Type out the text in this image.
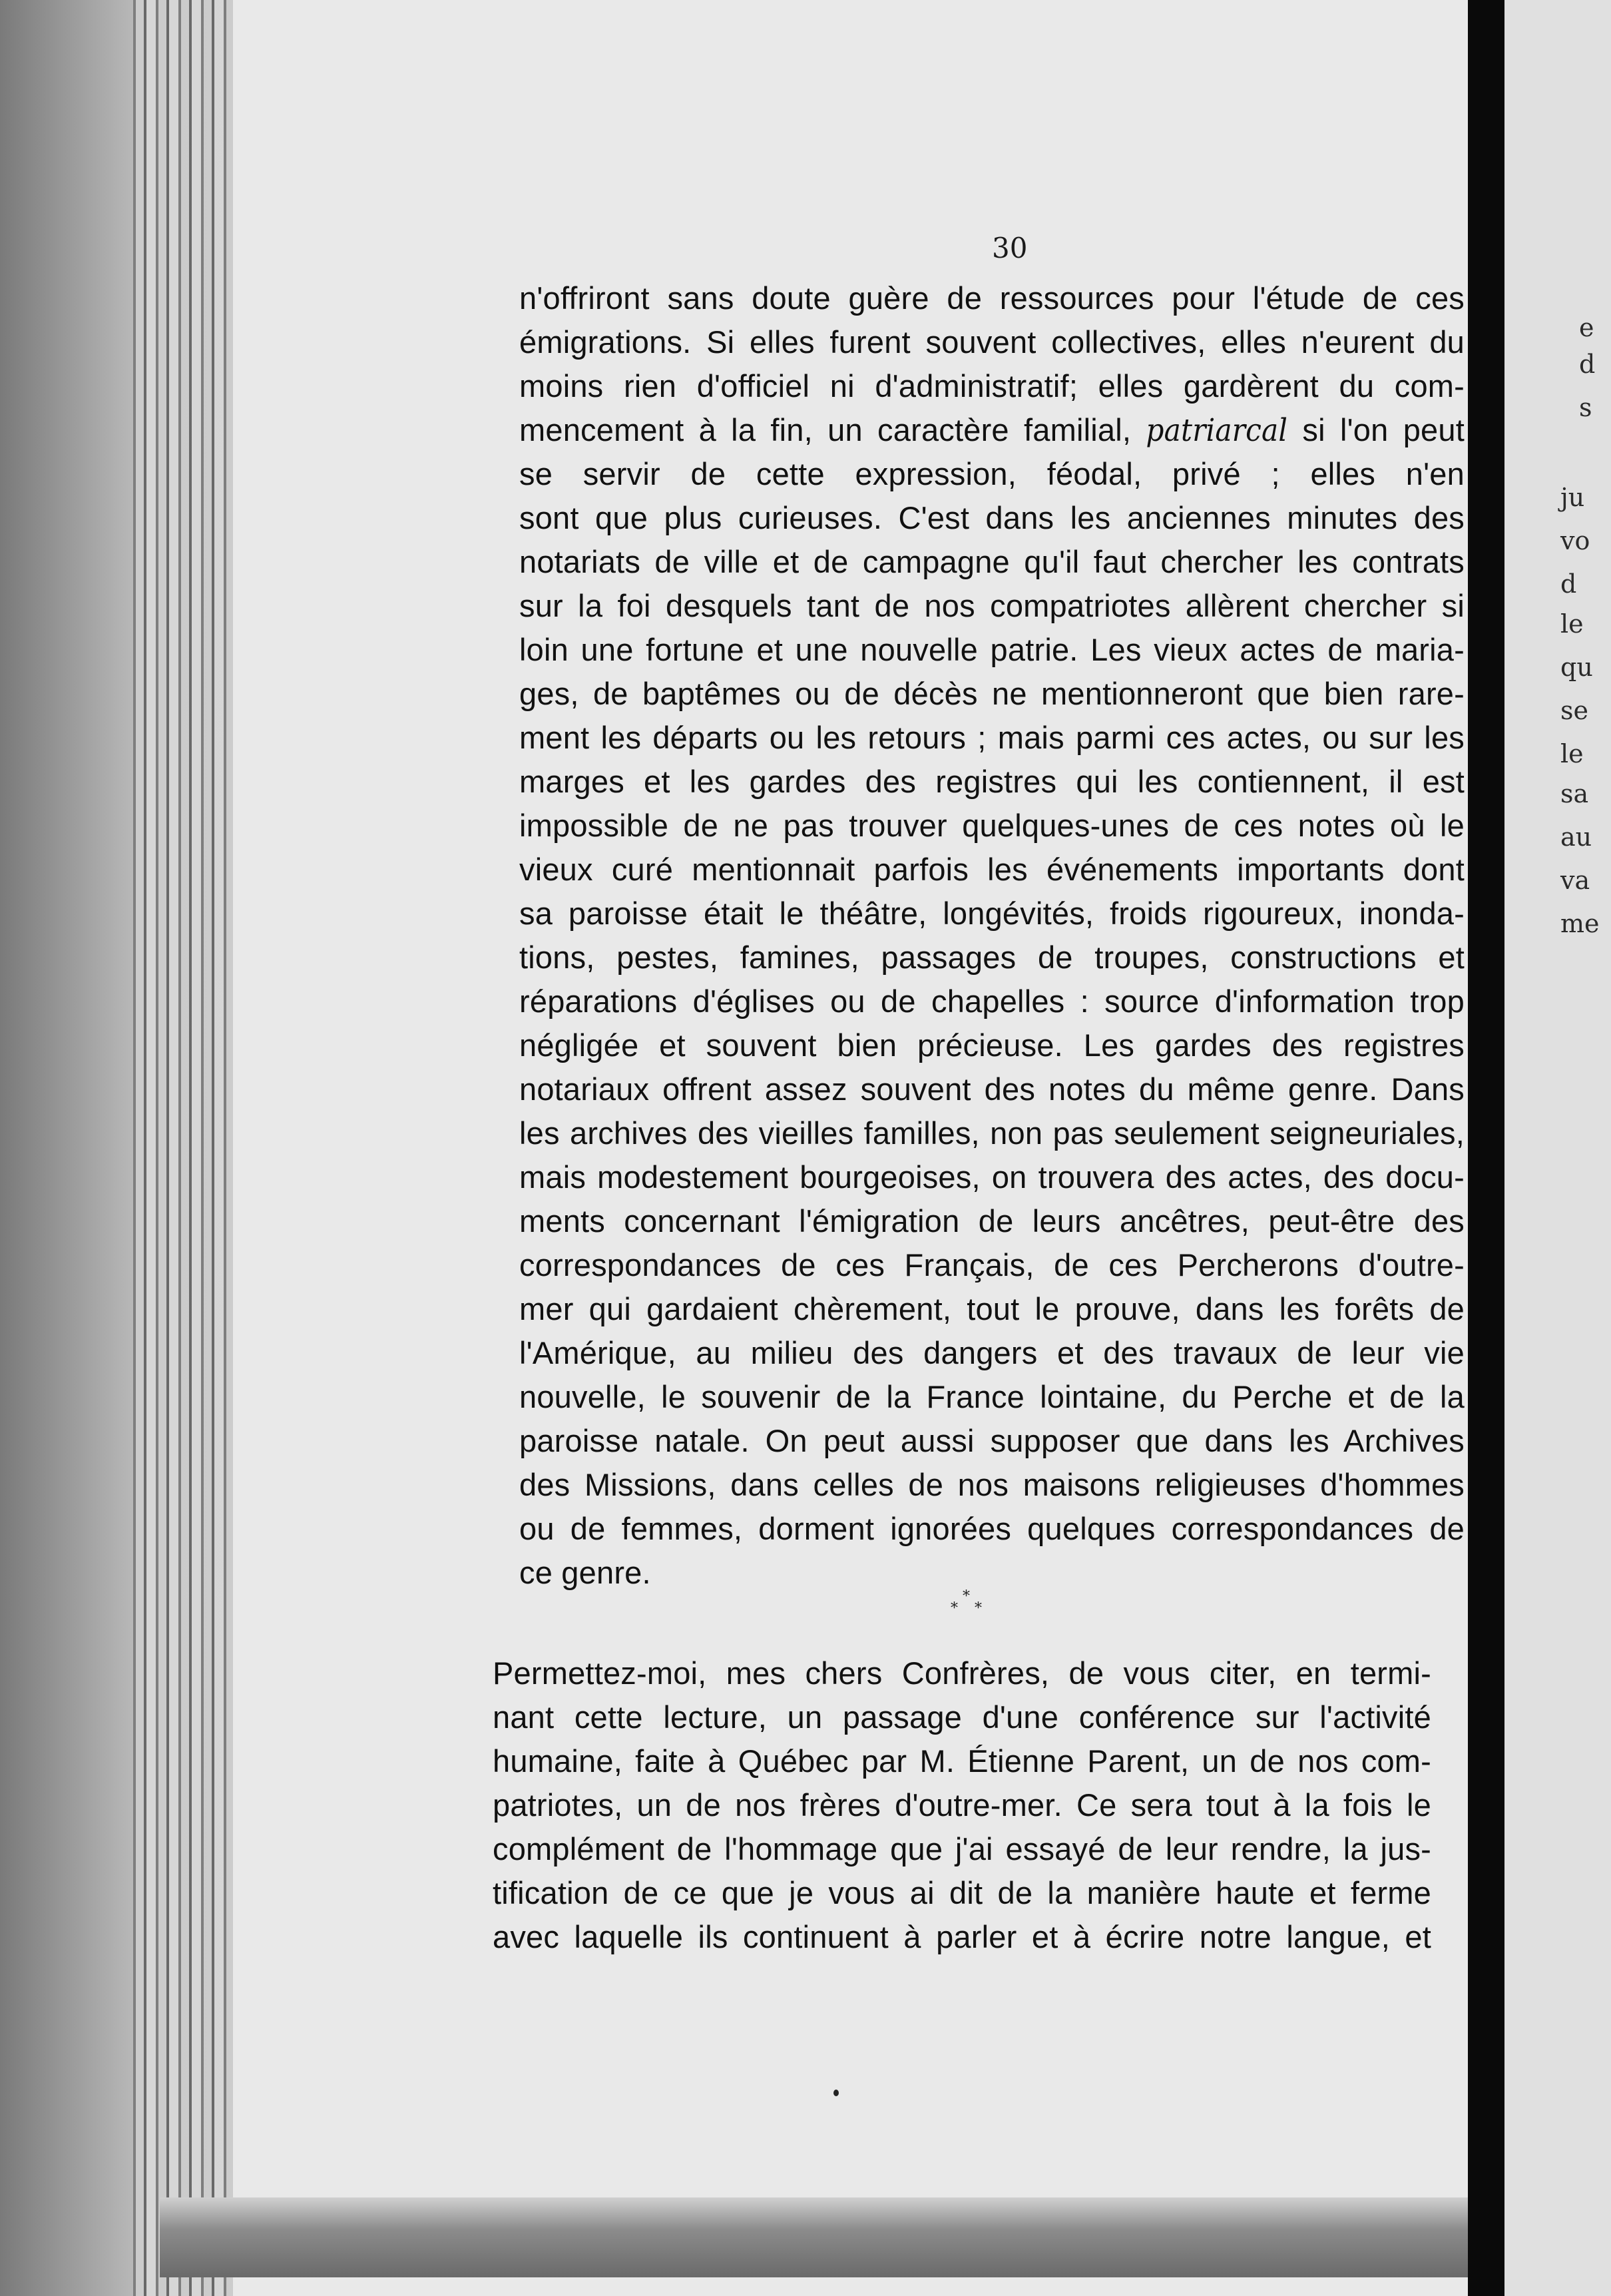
30
n'offriront sans doute guère de ressources pour l'étude de ces
émigrations. Si elles furent souvent collectives, elles n'eurent du
moins rien d'officiel ni d'administratif; elles gardèrent du com-
mencement à la fin, un caractère familial, patriarcal si l'on peut
se servir de cette expression, féodal, privé ; elles n'en
sont que plus curieuses. C'est dans les anciennes minutes des
notariats de ville et de campagne qu'il faut chercher les contrats
sur la foi desquels tant de nos compatriotes allèrent chercher si
loin une fortune et une nouvelle patrie. Les vieux actes de maria-
ges, de baptêmes ou de décès ne mentionneront que bien rare-
ment les départs ou les retours ; mais parmi ces actes, ou sur les
marges et les gardes des registres qui les contiennent, il est
impossible de ne pas trouver quelques-unes de ces notes où le
vieux curé mentionnait parfois les événements importants dont
sa paroisse était le théâtre, longévités, froids rigoureux, inonda-
tions, pestes, famines, passages de troupes, constructions et
réparations d'églises ou de chapelles : source d'information trop
négligée et souvent bien précieuse. Les gardes des registres
notariaux offrent assez souvent des notes du même genre. Dans
les archives des vieilles familles, non pas seulement seigneuriales,
mais modestement bourgeoises, on trouvera des actes, des docu-
ments concernant l'émigration de leurs ancêtres, peut-être des
correspondances de ces Français, de ces Percherons d'outre-
mer qui gardaient chèrement, tout le prouve, dans les forêts de
l'Amérique, au milieu des dangers et des travaux de leur vie
nouvelle, le souvenir de la France lointaine, du Perche et de la
paroisse natale. On peut aussi supposer que dans les Archives
des Missions, dans celles de nos maisons religieuses d'hommes
ou de femmes, dorment ignorées quelques correspondances de
ce genre.
*
* *
Permettez-moi, mes chers Confrères, de vous citer, en termi-
nant cette lecture, un passage d'une conférence sur l'activité
humaine, faite à Québec par M. Étienne Parent, un de nos com-
patriotes, un de nos frères d'outre-mer. Ce sera tout à la fois le
complément de l'hommage que j'ai essayé de leur rendre, la jus-
tification de ce que je vous ai dit de la manière haute et ferme
avec laquelle ils continuent à parler et à écrire notre langue, et
e
d
s
ju
vo
d
le
qu
se
le
sa
au
va
me
